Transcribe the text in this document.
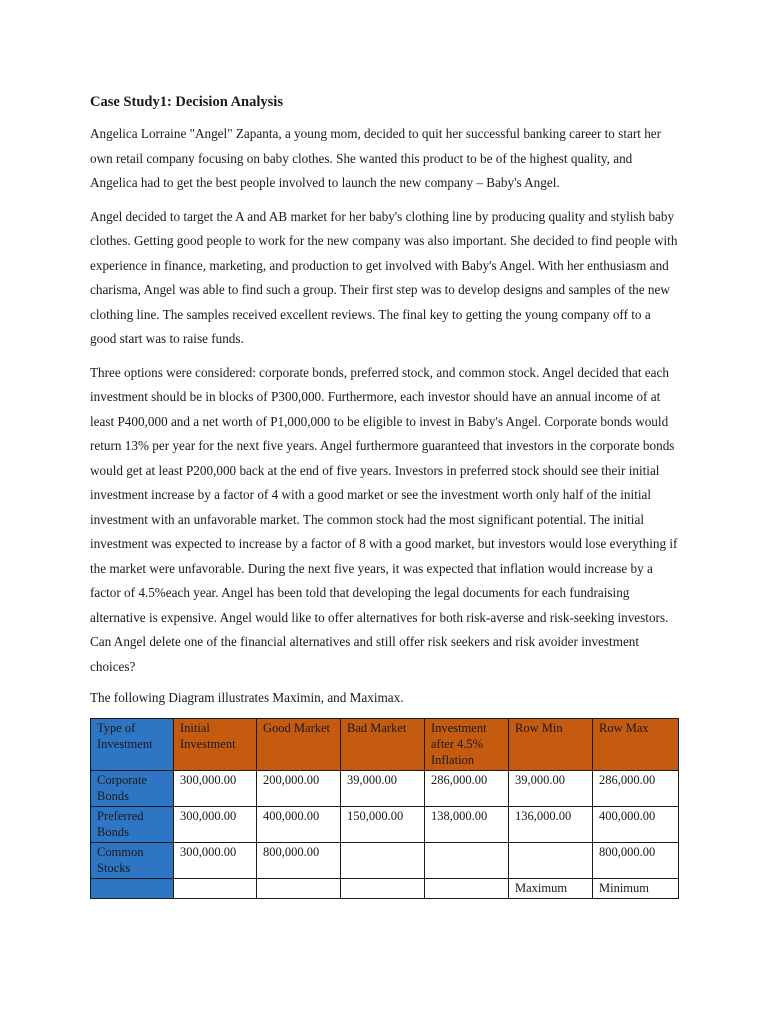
Case Study1: Decision Analysis

Angelica Lorraine "Angel" Zapanta, a young mom, decided to quit her successful banking career to start her own retail company focusing on baby clothes. She wanted this product to be of the highest quality, and Angelica had to get the best people involved to launch the new company – Baby's Angel.

Angel decided to target the A and AB market for her baby's clothing line by producing quality and stylish baby clothes. Getting good people to work for the new company was also important. She decided to find people with experience in finance, marketing, and production to get involved with Baby's Angel. With her enthusiasm and charisma, Angel was able to find such a group. Their first step was to develop designs and samples of the new clothing line. The samples received excellent reviews. The final key to getting the young company off to a good start was to raise funds.

Three options were considered: corporate bonds, preferred stock, and common stock. Angel decided that each investment should be in blocks of P300,000. Furthermore, each investor should have an annual income of at least P400,000 and a net worth of P1,000,000 to be eligible to invest in Baby's Angel. Corporate bonds would return 13% per year for the next five years. Angel furthermore guaranteed that investors in the corporate bonds would get at least P200,000 back at the end of five years. Investors in preferred stock should see their initial investment increase by a factor of 4 with a good market or see the investment worth only half of the initial investment with an unfavorable market. The common stock had the most significant potential. The initial investment was expected to increase by a factor of 8 with a good market, but investors would lose everything if the market were unfavorable. During the next five years, it was expected that inflation would increase by a factor of 4.5%each year. Angel has been told that developing the legal documents for each fundraising alternative is expensive. Angel would like to offer alternatives for both risk-averse and risk-seeking investors. Can Angel delete one of the financial alternatives and still offer risk seekers and risk avoider investment choices?

The following Diagram illustrates Maximin, and Maximax.

Type of Investment	Initial Investment	Good Market	Bad Market	Investment after 4.5% Inflation	Row Min	Row Max
Corporate Bonds	300,000.00	200,000.00	39,000.00	286,000.00	39,000.00	286,000.00
Preferred Bonds	300,000.00	400,000.00	150,000.00	138,000.00	136,000.00	400,000.00
Common Stocks	300,000.00	800,000.00				800,000.00
					Maximum	Minimum
